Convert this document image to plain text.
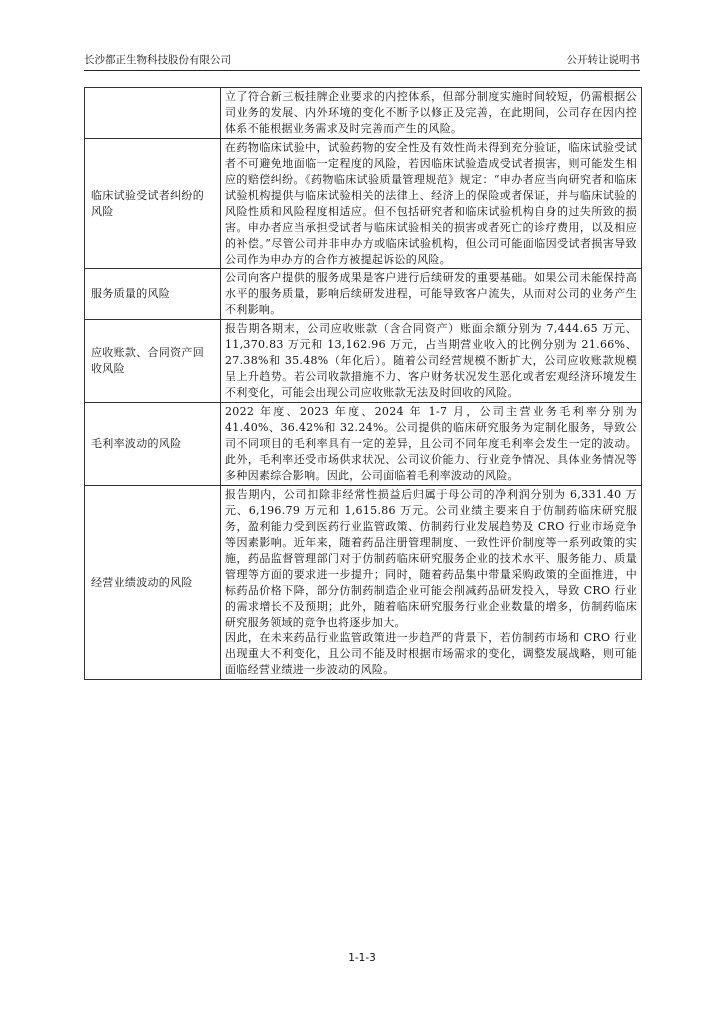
长沙都正生物科技股份有限公司	公开转让说明书

	立了符合新三板挂牌企业要求的内控体系，但部分制度实施时间较短，仍需根据公司业务的发展、内外环境的变化不断予以修正及完善，在此期间，公司存在因内控体系不能根据业务需求及时完善而产生的风险。

临床试验受试者纠纷的风险	在药物临床试验中，试验药物的安全性及有效性尚未得到充分验证，临床试验受试者不可避免地面临一定程度的风险，若因临床试验造成受试者损害，则可能发生相应的赔偿纠纷。《药物临床试验质量管理规范》规定：“申办者应当向研究者和临床试验机构提供与临床试验相关的法律上、经济上的保险或者保证，并与临床试验的风险性质和风险程度相适应。但不包括研究者和临床试验机构自身的过失所致的损害。申办者应当承担受试者与临床试验相关的损害或者死亡的诊疗费用，以及相应的补偿。”尽管公司并非申办方或临床试验机构，但公司可能面临因受试者损害导致公司作为申办方的合作方被提起诉讼的风险。

服务质量的风险	公司向客户提供的服务成果是客户进行后续研发的重要基础。如果公司未能保持高水平的服务质量，影响后续研发进程，可能导致客户流失，从而对公司的业务产生不利影响。

应收账款、合同资产回收风险	报告期各期末，公司应收账款（含合同资产）账面余额分别为 7,444.65 万元、11,370.83 万元和 13,162.96 万元，占当期营业收入的比例分别为 21.66%、27.38%和 35.48%（年化后）。随着公司经营规模不断扩大，公司应收账款规模呈上升趋势。若公司收款措施不力、客户财务状况发生恶化或者宏观经济环境发生不利变化，可能会出现公司应收账款无法及时回收的风险。

毛利率波动的风险	2022 年度、2023 年度、2024 年 1-7 月，公司主营业务毛利率分别为 41.40%、36.42%和 32.24%。公司提供的临床研究服务为定制化服务，导致公司不同项目的毛利率具有一定的差异，且公司不同年度毛利率会发生一定的波动。此外，毛利率还受市场供求状况、公司议价能力、行业竞争情况、具体业务情况等多种因素综合影响。因此，公司面临着毛利率波动的风险。

经营业绩波动的风险	报告期内，公司扣除非经常性损益后归属于母公司的净利润分别为 6,331.40 万元、6,196.79 万元和 1,615.86 万元。公司业绩主要来自于仿制药临床研究服务，盈利能力受到医药行业监管政策、仿制药行业发展趋势及 CRO 行业市场竞争等因素影响。近年来，随着药品注册管理制度、一致性评价制度等一系列政策的实施，药品监督管理部门对于仿制药临床研究服务企业的技术水平、服务能力、质量管理等方面的要求进一步提升；同时，随着药品集中带量采购政策的全面推进，中标药品价格下降，部分仿制药制造企业可能会削减药品研发投入，导致 CRO 行业的需求增长不及预期；此外，随着临床研究服务行业企业数量的增多，仿制药临床研究服务领域的竞争也将逐步加大。

因此，在未来药品行业监管政策进一步趋严的背景下，若仿制药市场和 CRO 行业出现重大不利变化，且公司不能及时根据市场需求的变化，调整发展战略，则可能面临经营业绩进一步波动的风险。

1-1-3
